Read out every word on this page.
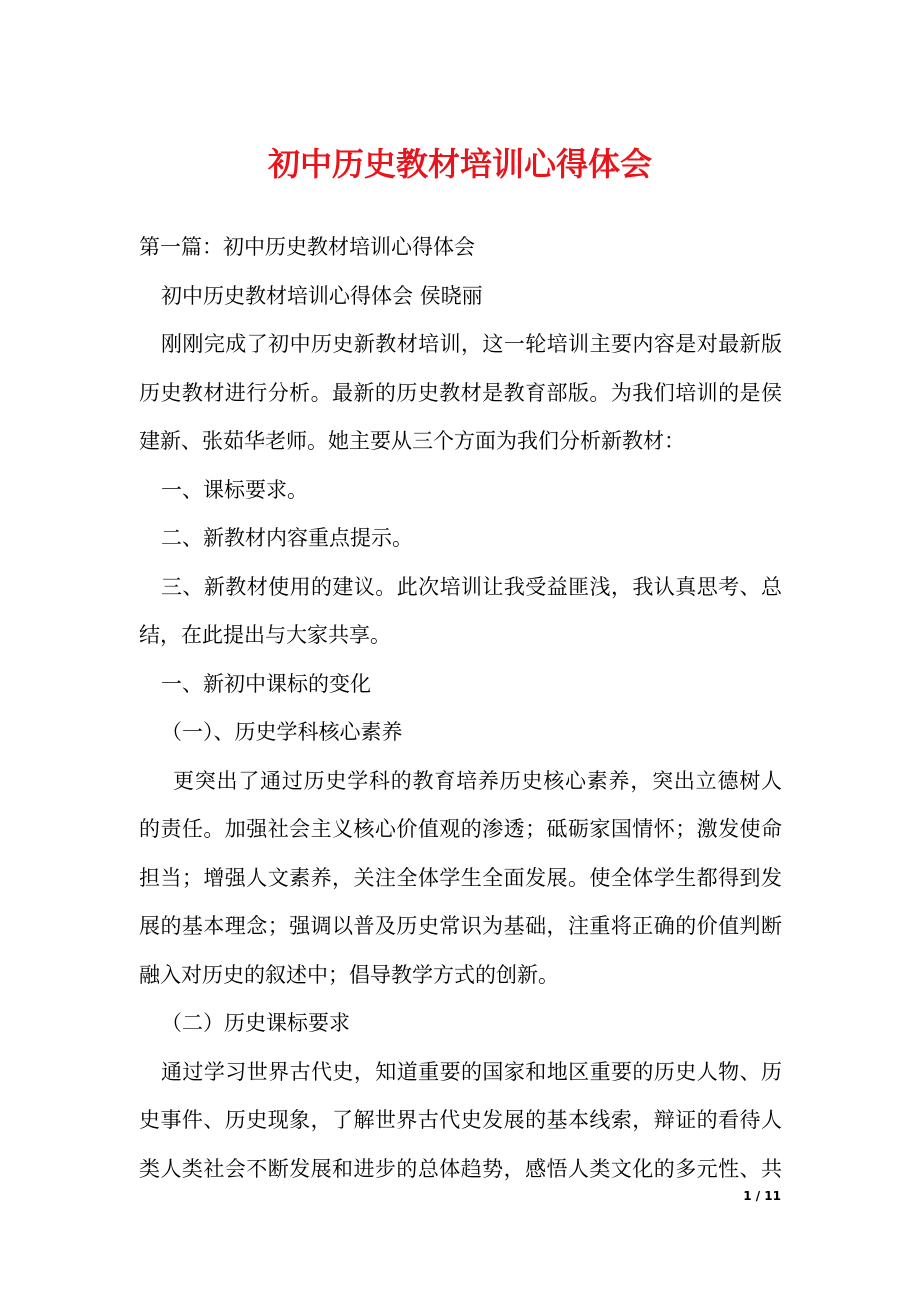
初中历史教材培训心得体会
第一篇：初中历史教材培训心得体会
初中历史教材培训心得体会 侯晓丽
刚刚完成了初中历史新教材培训，这一轮培训主要内容是对最新版
历史教材进行分析。最新的历史教材是教育部版。为我们培训的是侯
建新、张茹华老师。她主要从三个方面为我们分析新教材：
一、课标要求。
二、新教材内容重点提示。
三、新教材使用的建议。此次培训让我受益匪浅，我认真思考、总
结，在此提出与大家共享。
一、新初中课标的变化
（一）、历史学科核心素养
更突出了通过历史学科的教育培养历史核心素养，突出立德树人
的责任。加强社会主义核心价值观的渗透；砥砺家国情怀；激发使命
担当；增强人文素养，关注全体学生全面发展。使全体学生都得到发
展的基本理念；强调以普及历史常识为基础，注重将正确的价值判断
融入对历史的叙述中；倡导教学方式的创新。
（二）历史课标要求
通过学习世界古代史，知道重要的国家和地区重要的历史人物、历
史事件、历史现象，了解世界古代史发展的基本线索，辩证的看待人
类人类社会不断发展和进步的总体趋势，感悟人类文化的多元性、共
1 / 11
